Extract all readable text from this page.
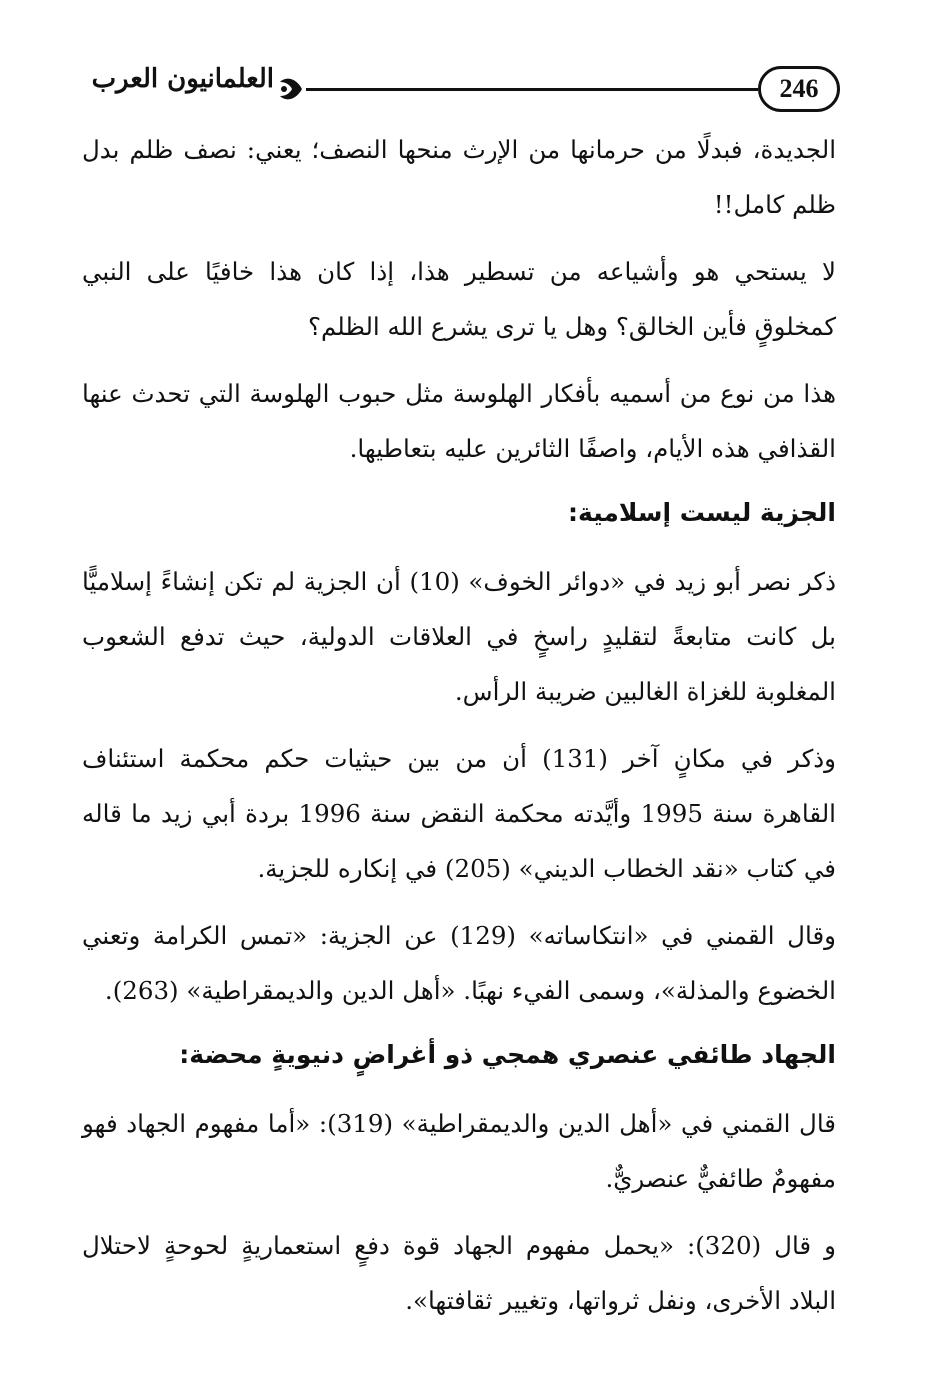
العلمانيون العرب	246

الجديدة، فبدلًا من حرمانها من الإرث منحها النصف؛ يعني: نصف ظلم بدل ظلم كامل!!

لا يستحي هو وأشياعه من تسطير هذا، إذا كان هذا خافيًا على النبي كمخلوقٍ فأين الخالق؟ وهل يا ترى يشرع الله الظلم؟

هذا من نوع من أسميه بأفكار الهلوسة مثل حبوب الهلوسة التي تحدث عنها القذافي هذه الأيام، واصفًا الثائرين عليه بتعاطيها.

الجزية ليست إسلامية:

ذكر نصر أبو زيد في «دوائر الخوف» (10) أن الجزية لم تكن إنشاءً إسلاميًّا بل كانت متابعةً لتقليدٍ راسخٍ في العلاقات الدولية، حيث تدفع الشعوب المغلوبة للغزاة الغالبين ضريبة الرأس.

وذكر في مكانٍ آخر (131) أن من بين حيثيات حكم محكمة استئناف القاهرة سنة 1995 وأيَّدته محكمة النقض سنة 1996 بردة أبي زيد ما قاله في كتاب «نقد الخطاب الديني» (205) في إنكاره للجزية.

وقال القمني في «انتكاساته» (129) عن الجزية: «تمس الكرامة وتعني الخضوع والمذلة»، وسمى الفيء نهبًا. «أهل الدين والديمقراطية» (263).

الجهاد طائفي عنصري همجي ذو أغراضٍ دنيويةٍ محضة:

قال القمني في «أهل الدين والديمقراطية» (319): «أما مفهوم الجهاد فهو مفهومٌ طائفيٌّ عنصريٌّ.

و قال (320): «يحمل مفهوم الجهاد قوة دفعٍ استعماريةٍ لحوحةٍ لاحتلال البلاد الأخرى، ونفل ثرواتها، وتغيير ثقافتها».
